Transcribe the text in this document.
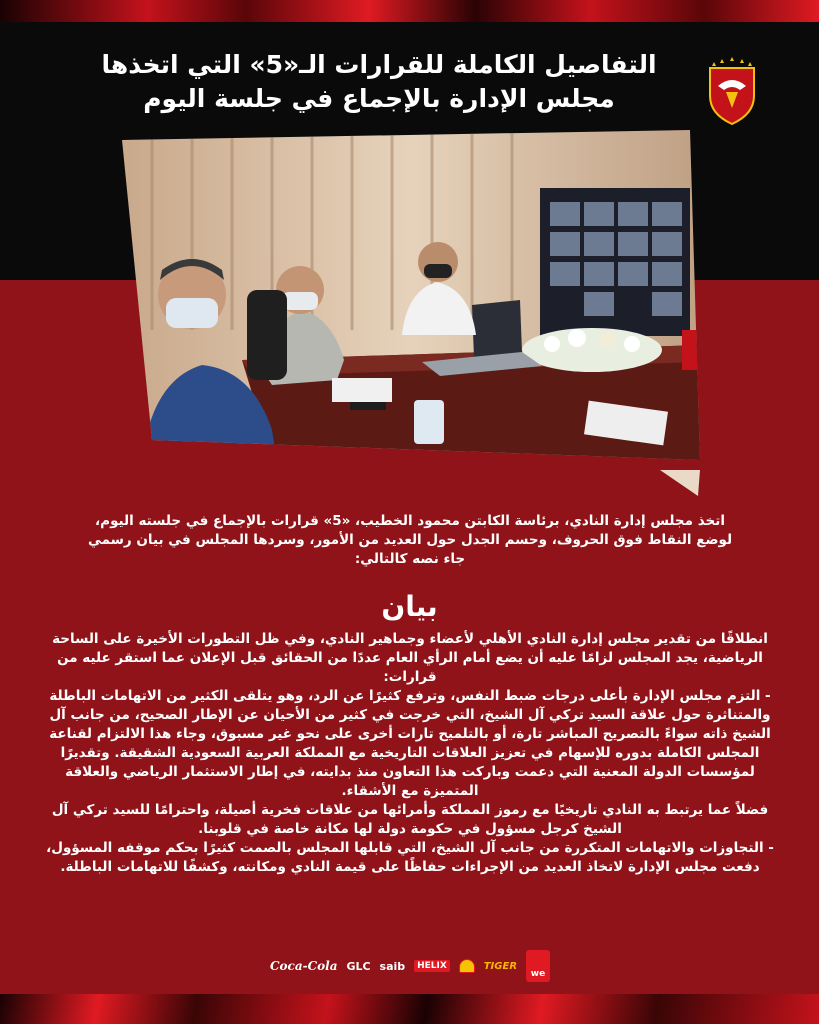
التفاصيل الكاملة للقرارات الـ«5» التي اتخذها
مجلس الإدارة بالإجماع في جلسة اليوم
اتخذ مجلس إدارة النادي، برئاسة الكابتن محمود الخطيب، «5» قرارات بالإجماع في جلسته اليوم، لوضع النقاط فوق الحروف، وحسم الجدل حول العديد من الأمور، وسردها المجلس في بيان رسمي جاء نصه كالتالي:
بيان

انطلاقًا من تقدير مجلس إدارة النادي الأهلي لأعضاء وجماهير النادي، وفي ظل التطورات الأخيرة على الساحة الرياضية، يجد المجلس لزامًا عليه أن يضع أمام الرأي العام عددًا من الحقائق قبل الإعلان عما استقر عليه من قرارات:

- التزم مجلس الإدارة بأعلى درجات ضبط النفس، وترفع كثيرًا عن الرد، وهو يتلقى الكثير من الاتهامات الباطلة والمتناثرة حول علاقة السيد تركي آل الشيخ، التي خرجت في كثير من الأحيان عن الإطار الصحيح، من جانب آل الشيخ ذاته سواءً بالتصريح المباشر تارة، أو بالتلميح تارات أخرى على نحو غير مسبوق، وجاء هذا الالتزام لقناعة المجلس الكاملة بدوره للإسهام في تعزيز العلاقات التاريخية مع المملكة العربية السعودية الشقيقة. وتقديرًا لمؤسسات الدولة المعنية التي دعمت وباركت هذا التعاون منذ بدايته، في إطار الاستثمار الرياضي والعلاقة المتميزة مع الأشقاء.

فضلاً عما يرتبط به النادي تاريخيًا مع رموز المملكة وأمرائها من علاقات فخرية أصيلة، واحترامًا للسيد تركي آل الشيخ كرجل مسؤول في حكومة دولة لها مكانة خاصة في قلوبنا.

- التجاوزات والاتهامات المتكررة من جانب آل الشيخ، التي قابلها المجلس بالصمت كثيرًا بحكم موقفه المسؤول، دفعت مجلس الإدارة لاتخاذ العديد من الإجراءات حفاظًا على قيمة النادي ومكانته، وكشفًا للاتهامات الباطلة.

Coca-Cola GLC saib	HELIX	TIGER
we
